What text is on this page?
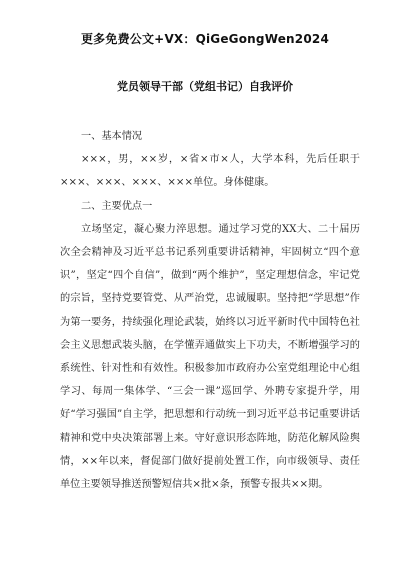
更多免费公文+VX：QiGeGongWen2024
党员领导干部（党组书记）自我评价

一、基本情况

×××，男，××岁，×省×市×人，大学本科，先后任职于×××、×××、×××、×××单位。身体健康。

二、主要优点一

立场坚定，凝心聚力淬思想。通过学习党的XX大、二十届历次全会精神及习近平总书记系列重要讲话精神，牢固树立“四个意识”，坚定“四个自信”，做到“两个维护”，坚定理想信念，牢记党的宗旨，坚持党要管党、从严治党，忠诚履职。坚持把“学思想”作为第一要务，持续强化理论武装，始终以习近平新时代中国特色社会主义思想武装头脑，在学懂弄通做实上下功夫，不断增强学习的系统性、针对性和有效性。积极参加市政府办公室党组理论中心组学习、每周一集体学、“三会一课”巡回学、外聘专家提升学，用好“学习强国”自主学，把思想和行动统一到习近平总书记重要讲话精神和党中央决策部署上来。守好意识形态阵地，防范化解风险舆情，××年以来，督促部门做好提前处置工作，向市级领导、责任单位主要领导推送预警短信共×批×条，预警专报共××期。
